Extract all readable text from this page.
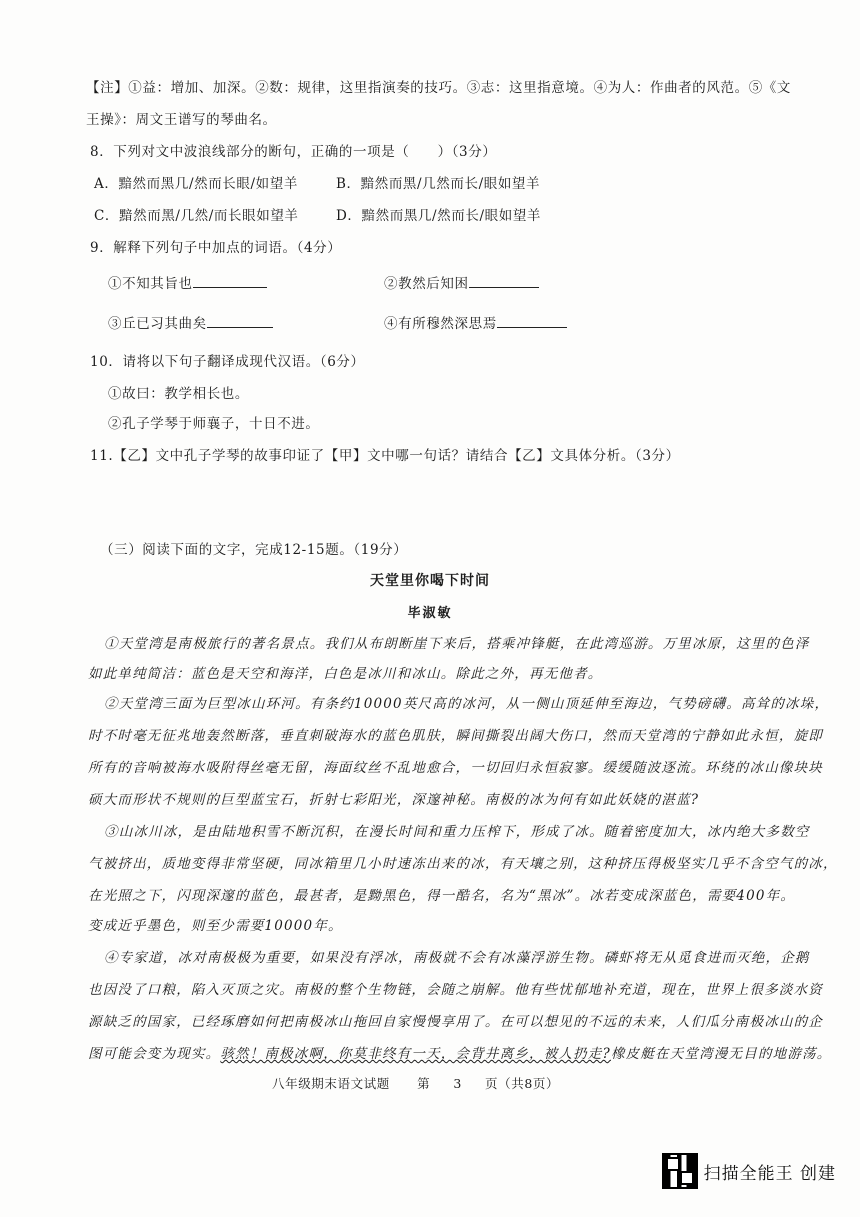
【注】①益：增加、加深。②数：规律，这里指演奏的技巧。③志：这里指意境。④为人：作曲者的风范。⑤《文
王操》：周文王谱写的琴曲名。
8．下列对文中波浪线部分的断句，正确的一项是（　　）（3分）
A．黯然而黑几/然而长眼/如望羊	B．黯然而黑/几然而长/眼如望羊
C．黯然而黑/几然/而长眼如望羊	D．黯然而黑几/然而长/眼如望羊
9．解释下列句子中加点的词语。（4分）
①不知其旨也	②教然后知困
③丘已习其曲矣	④有所穆然深思焉
10．请将以下句子翻译成现代汉语。（6分）
①故曰：教学相长也。
②孔子学琴于师襄子，十日不进。
11.【乙】文中孔子学琴的故事印证了【甲】文中哪一句话？请结合【乙】文具体分析。（3分）
（三）阅读下面的文字，完成12-15题。（19分）
天堂里你喝下时间
毕淑敏
①天堂湾是南极旅行的著名景点。我们从布朗断崖下来后，搭乘冲锋艇，在此湾巡游。万里冰原，这里的色泽
如此单纯简洁：蓝色是天空和海洋，白色是冰川和冰山。除此之外，再无他者。
②天堂湾三面为巨型冰山环河。有条约10000英尺高的冰河，从一侧山顶延伸至海边，气势磅礴。高耸的冰垛，
时不时毫无征兆地轰然断落，垂直刺破海水的蓝色肌肤，瞬间撕裂出阔大伤口，然而天堂湾的宁静如此永恒，旋即
所有的音响被海水吸附得丝毫无留，海面纹丝不乱地愈合，一切回归永恒寂寥。缓缓随波逐流。环绕的冰山像块块
硕大而形状不规则的巨型蓝宝石，折射七彩阳光，深邃神秘。南极的冰为何有如此妖娆的湛蓝?
③山冰川冰，是由陆地积雪不断沉积，在漫长时间和重力压榨下，形成了冰。随着密度加大，冰内绝大多数空
气被挤出，质地变得非常坚硬，同冰箱里几小时速冻出来的冰，有天壤之别，这种挤压得极坚实几乎不含空气的冰，
在光照之下，闪现深邃的蓝色，最甚者，是黝黑色，得一酷名，名为“黑冰”。冰若变成深蓝色，需要400年。
变成近乎墨色，则至少需要10000年。
④专家道，冰对南极极为重要，如果没有浮冰，南极就不会有冰藻浮游生物。磷虾将无从觅食进而灭绝，企鹅
也因没了口粮，陷入灭顶之灾。南极的整个生物链，会随之崩解。他有些忧郁地补充道，现在，世界上很多淡水资
源缺乏的国家，已经琢磨如何把南极冰山拖回自家慢慢享用了。在可以想见的不远的未来，人们瓜分南极冰山的企
图可能会变为现实。骇然！南极冰啊，你莫非终有一天，会背井离乡，被人扔走?橡皮艇在天堂湾漫无目的地游荡。
八年级期末语文试题 第 3 页（共8页）
扫描全能王 创建
